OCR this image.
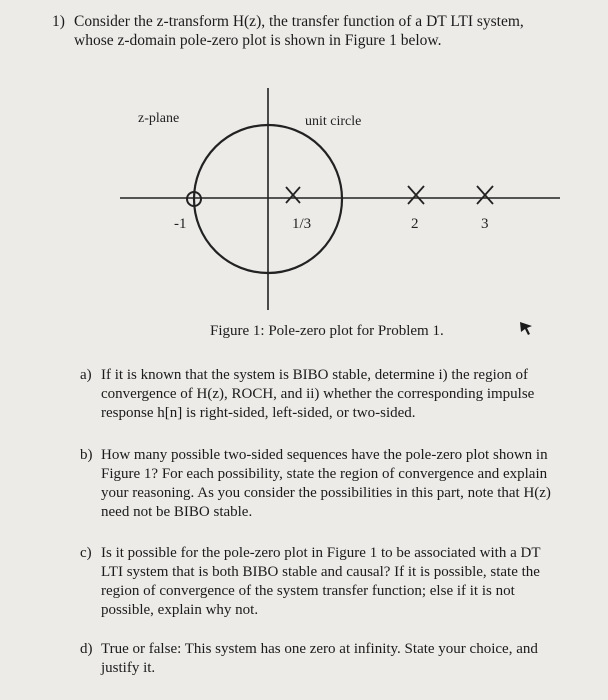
1) Consider the z-transform H(z), the transfer function of a DT LTI system,
whose z-domain pole-zero plot is shown in Figure 1 below.
z-plane	unit circle
-1	1/3	2	3
Figure 1: Pole-zero plot for Problem 1.
a) If it is known that the system is BIBO stable, determine i) the region of
convergence of H(z), ROCH, and ii) whether the corresponding impulse
response h[n] is right-sided, left-sided, or two-sided.
b) How many possible two-sided sequences have the pole-zero plot shown in
Figure 1? For each possibility, state the region of convergence and explain
your reasoning. As you consider the possibilities in this part, note that H(z)
need not be BIBO stable.
c) Is it possible for the pole-zero plot in Figure 1 to be associated with a DT
LTI system that is both BIBO stable and causal? If it is possible, state the
region of convergence of the system transfer function; else if it is not
possible, explain why not.
d) True or false: This system has one zero at infinity. State your choice, and
justify it.
